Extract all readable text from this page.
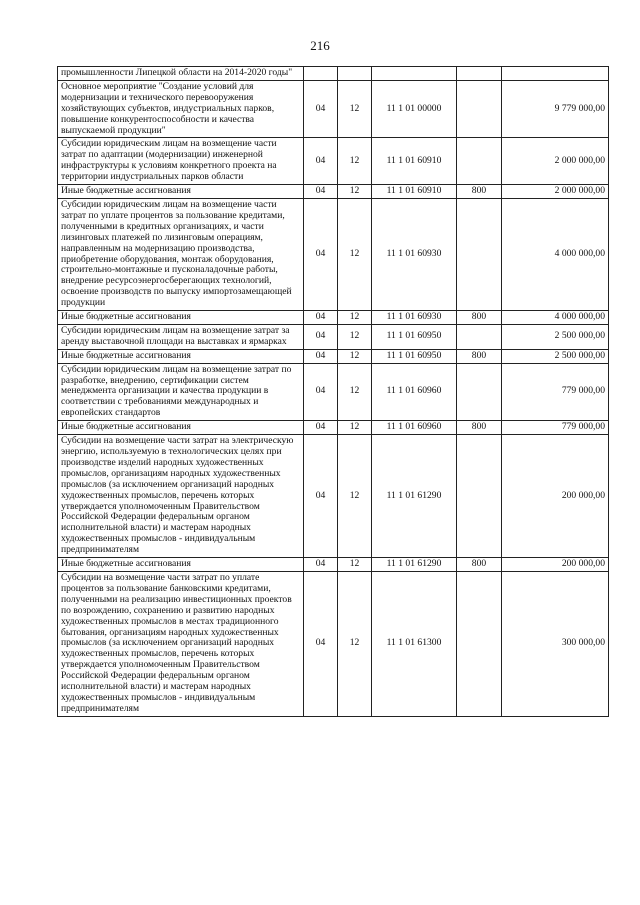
216
промышленности Липецкой области на 2014-2020 годы"					
Основное мероприятие "Создание условий для модернизации и технического перевооружения хозяйствующих субъектов, индустриальных парков, повышение конкурентоспособности и качества выпускаемой продукции"	04	12	11 1 01 00000		9 779 000,00
Субсидии юридическим лицам на возмещение части затрат по адаптации (модернизации) инженерной инфраструктуры к условиям конкретного проекта на территории индустриальных парков области	04	12	11 1 01 60910		2 000 000,00
Иные бюджетные ассигнования	04	12	11 1 01 60910	800	2 000 000,00
Субсидии юридическим лицам на возмещение части затрат по уплате процентов за пользование кредитами, полученными в кредитных организациях, и части лизинговых платежей по лизинговым операциям, направленным на модернизацию производства, приобретение оборудования, монтаж оборудования, строительно-монтажные и пусконаладочные работы, внедрение ресурсоэнергосберегающих технологий, освоение производств по выпуску импортозамещающей продукции	04	12	11 1 01 60930		4 000 000,00
Иные бюджетные ассигнования	04	12	11 1 01 60930	800	4 000 000,00
Субсидии юридическим лицам на возмещение затрат за аренду выставочной площади на выставках и ярмарках	04	12	11 1 01 60950		2 500 000,00
Иные бюджетные ассигнования	04	12	11 1 01 60950	800	2 500 000,00
Субсидии юридическим лицам на возмещение затрат по разработке, внедрению, сертификации систем менеджмента организации и качества продукции в соответствии с требованиями международных и европейских стандартов	04	12	11 1 01 60960		779 000,00
Иные бюджетные ассигнования	04	12	11 1 01 60960	800	779 000,00
Субсидии на возмещение части затрат на электрическую энергию, используемую в технологических целях при производстве изделий народных художественных промыслов, организациям народных художественных промыслов (за исключением организаций народных художественных промыслов, перечень которых утверждается уполномоченным Правительством Российской Федерации федеральным органом исполнительной власти) и мастерам народных художественных промыслов - индивидуальным предпринимателям	04	12	11 1 01 61290		200 000,00
Иные бюджетные ассигнования	04	12	11 1 01 61290	800	200 000,00
Субсидии на возмещение части затрат по уплате процентов за пользование банковскими кредитами, полученными на реализацию инвестиционных проектов по возрождению, сохранению и развитию народных художественных промыслов в местах традиционного бытования, организациям народных художественных промыслов (за исключением организаций народных художественных промыслов, перечень которых утверждается уполномоченным Правительством Российской Федерации федеральным органом исполнительной власти) и мастерам народных художественных промыслов - индивидуальным предпринимателям	04	12	11 1 01 61300		300 000,00
